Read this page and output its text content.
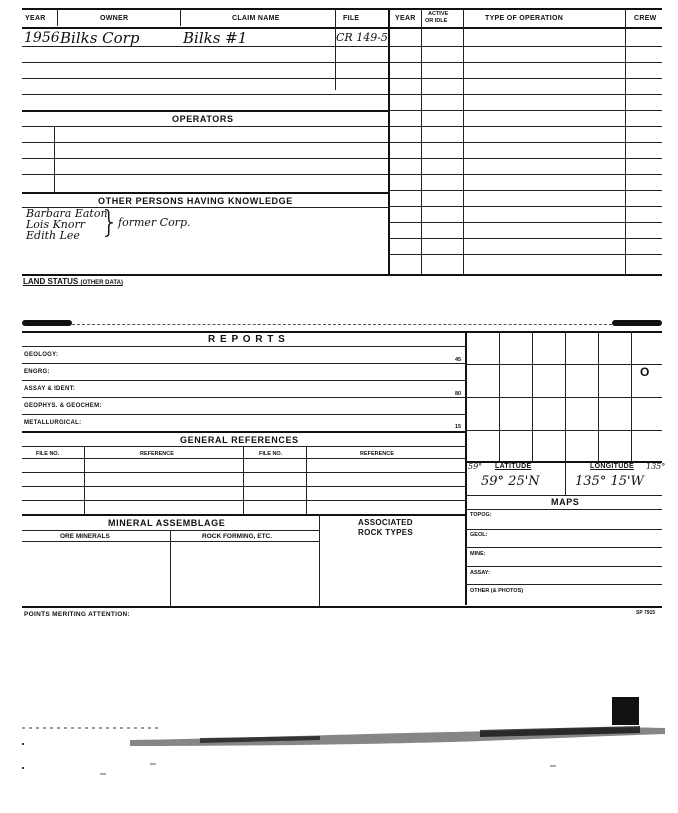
YEAR	OWNER	CLAIM NAME	FILE	YEAR
ACTIVE
OR IDLE	TYPE OF OPERATION	CREW
1956 Bilks Corp	Bilks #1	CR 149-5
OPERATORS
OTHER PERSONS HAVING KNOWLEDGE
Barbara Eaton
Lois Knorr
Edith Lee }
former Corp.
LAND STATUS (OTHER DATA)
R E P O R T S
GEOLOGY:
ENGRG:
45
ASSAY & IDENT:
GEOPHYS. & GEOCHEM:
80
METALLURGICAL:
15
GENERAL REFERENCES
FILE NO.	REFERENCE	FILE NO.	REFERENCE
MINERAL ASSEMBLAGE
ORE MINERALS	ROCK FORMING, ETC.
ASSOCIATED
ROCK TYPES
POINTS MERITING ATTENTION:	SP 7915
O
59° LATITUDE	LONGITUDE 135°
59° 25'N	135° 15'W
MAPS
TOPOG:
GEOL:
MINE:
ASSAY:
OTHER (& PHOTOS)
